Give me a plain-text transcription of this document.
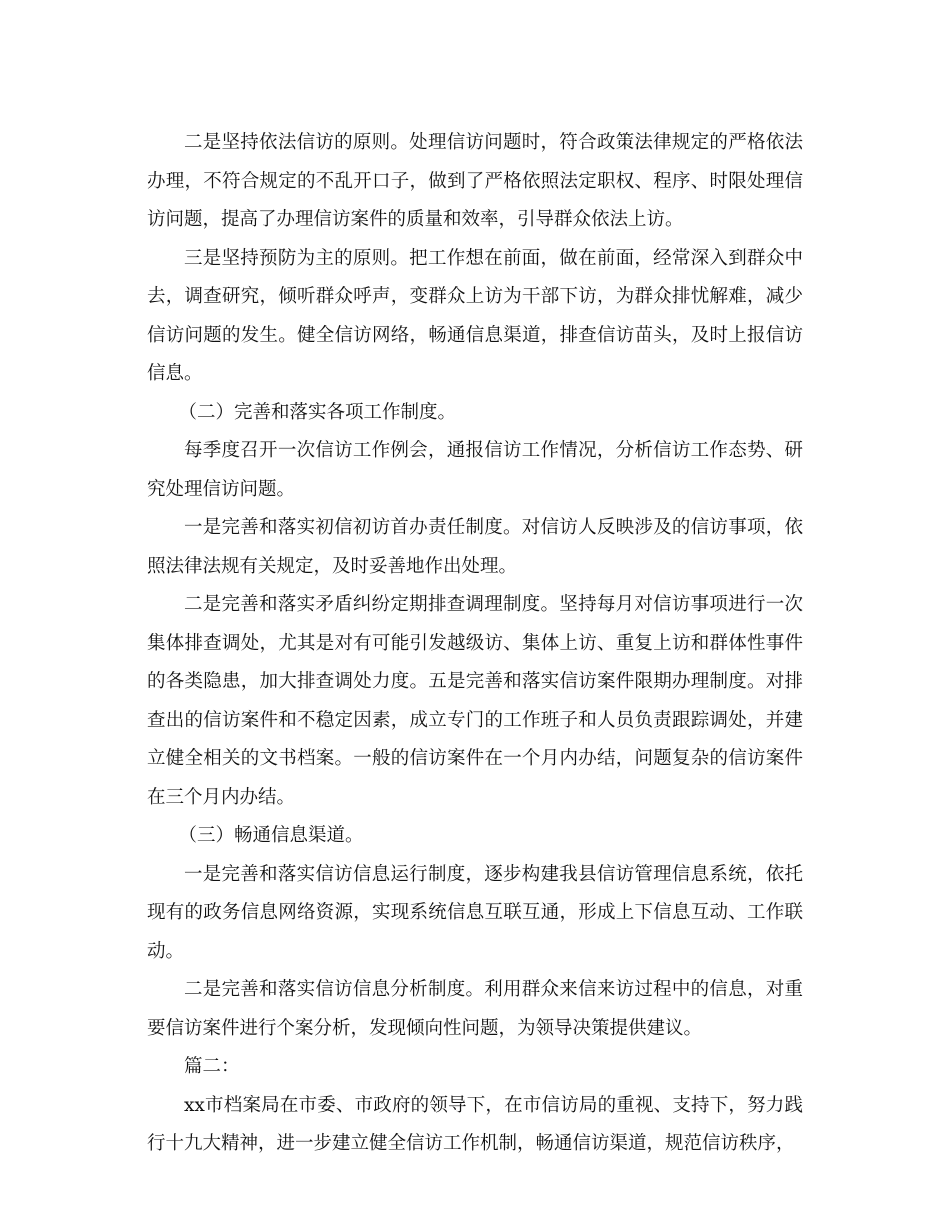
二是坚持依法信访的原则。处理信访问题时，符合政策法律规定的严格依法办理，不符合规定的不乱开口子，做到了严格依照法定职权、程序、时限处理信访问题，提高了办理信访案件的质量和效率，引导群众依法上访。

三是坚持预防为主的原则。把工作想在前面，做在前面，经常深入到群众中去，调查研究，倾听群众呼声，变群众上访为干部下访，为群众排忧解难，减少信访问题的发生。健全信访网络，畅通信息渠道，排查信访苗头，及时上报信访信息。

（二）完善和落实各项工作制度。

每季度召开一次信访工作例会，通报信访工作情况，分析信访工作态势、研究处理信访问题。

一是完善和落实初信初访首办责任制度。对信访人反映涉及的信访事项，依照法律法规有关规定，及时妥善地作出处理。

二是完善和落实矛盾纠纷定期排查调理制度。坚持每月对信访事项进行一次集体排查调处，尤其是对有可能引发越级访、集体上访、重复上访和群体性事件的各类隐患，加大排查调处力度。五是完善和落实信访案件限期办理制度。对排查出的信访案件和不稳定因素，成立专门的工作班子和人员负责跟踪调处，并建立健全相关的文书档案。一般的信访案件在一个月内办结，问题复杂的信访案件在三个月内办结。

（三）畅通信息渠道。

一是完善和落实信访信息运行制度，逐步构建我县信访管理信息系统，依托现有的政务信息网络资源，实现系统信息互联互通，形成上下信息互动、工作联动。

二是完善和落实信访信息分析制度。利用群众来信来访过程中的信息，对重要信访案件进行个案分析，发现倾向性问题，为领导决策提供建议。

篇二：

xx市档案局在市委、市政府的领导下，在市信访局的重视、支持下，努力践行十九大精神，进一步建立健全信访工作机制，畅通信访渠道，规范信访秩序，
